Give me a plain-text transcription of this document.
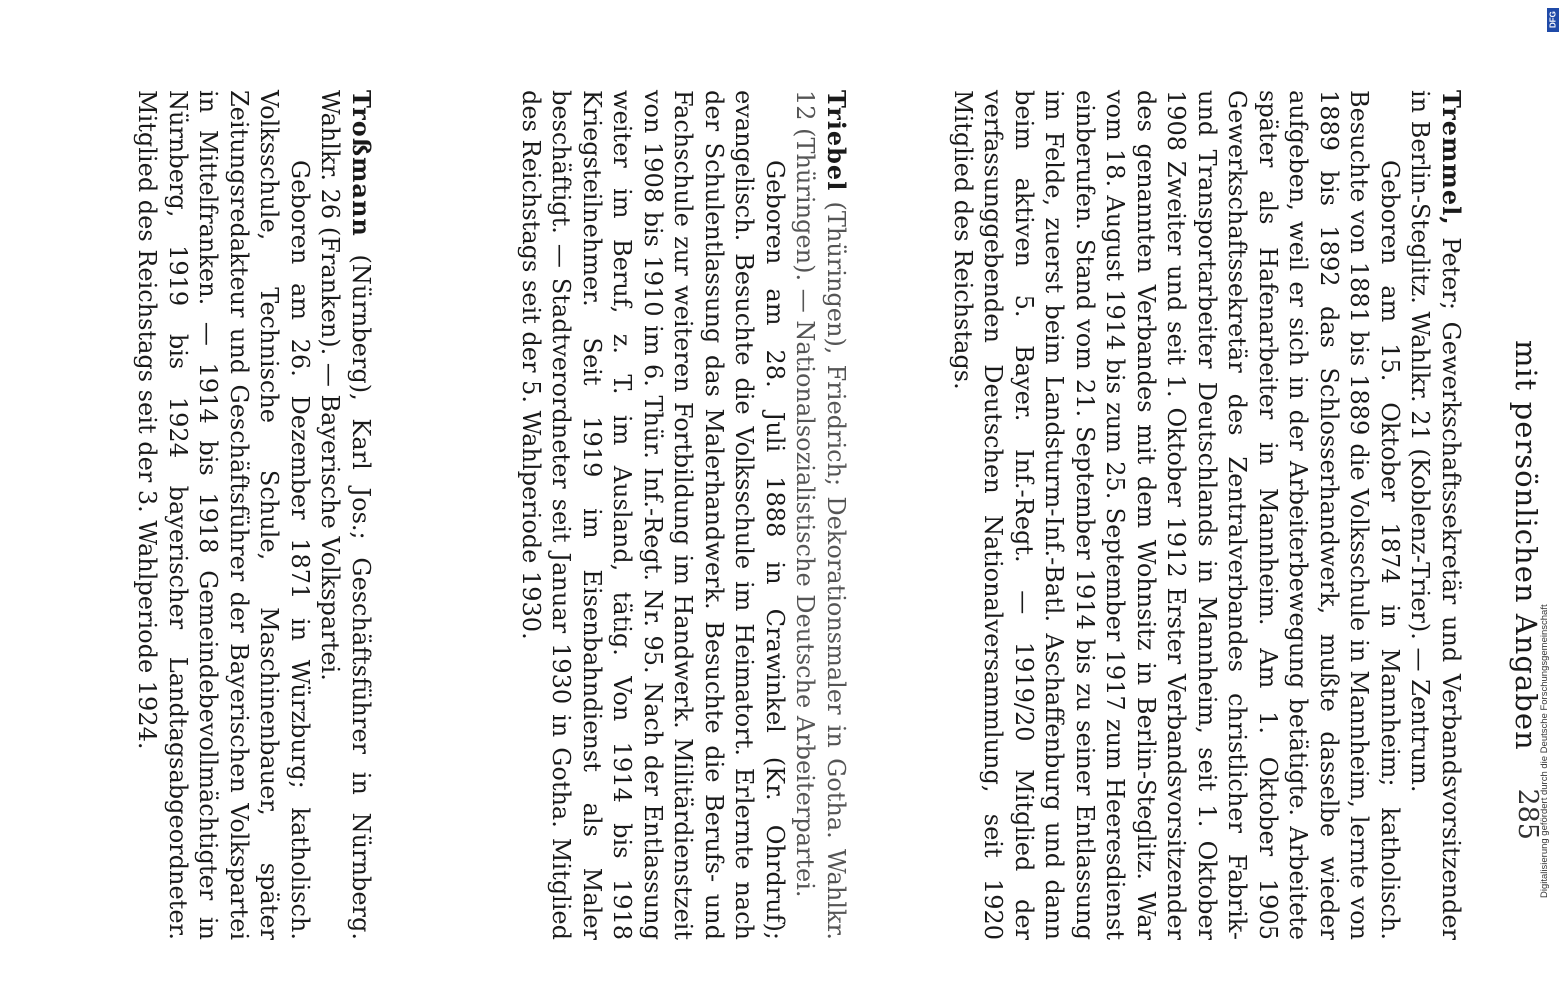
mit persönlichen Angaben
285

Tremmel, Peter; Gewerkschaftssekretär und Verbandsvorsitzender in Berlin-Steglitz. Wahlkr. 21 (Koblenz-Trier). — Zentrum.

Geboren am 15. Oktober 1874 in Mannheim; katholisch. Besuchte von 1881 bis 1889 die Volksschule in Mannheim, lernte von 1889 bis 1892 das Schlosserhandwerk, mußte dasselbe wieder aufgeben, weil er sich in der Arbeiterbewegung betätigte. Arbeitete später als Hafenarbeiter in Mannheim. Am 1. Oktober 1905 Gewerkschaftssekretär des Zentralverbandes christlicher Fabrik- und Transportarbeiter Deutschlands in Mannheim, seit 1. Oktober 1908 Zweiter und seit 1. Oktober 1912 Erster Verbandsvorsitzender des genannten Verbandes mit dem Wohnsitz in Berlin-Steglitz. War vom 18. August 1914 bis zum 25. September 1917 zum Heeresdienst einberufen. Stand vom 21. September 1914 bis zu seiner Entlassung im Felde, zuerst beim Landsturm-Inf.-Batl. Aschaffenburg und dann beim aktiven 5. Bayer. Inf.-Regt. — 1919/20 Mitglied der verfassunggebenden Deutschen Nationalversammlung, seit 1920 Mitglied des Reichstags.

Triebel (Thüringen), Friedrich; Dekorationsmaler in Gotha. Wahlkr. 12 (Thüringen). — Nationalsozialistische Deutsche Arbeiterpartei.

Geboren am 28. Juli 1888 in Crawinkel (Kr. Ohrdruf); evangelisch. Besuchte die Volksschule im Heimatort. Erlernte nach der Schulentlassung das Malerhandwerk. Besuchte die Berufs- und Fachschule zur weiteren Fortbildung im Handwerk. Militärdienstzeit von 1908 bis 1910 im 6. Thür. Inf.-Regt. Nr. 95. Nach der Entlassung weiter im Beruf, z. T. im Ausland, tätig. Von 1914 bis 1918 Kriegsteilnehmer. Seit 1919 im Eisenbahndienst als Maler beschäftigt. — Stadtverordneter seit Januar 1930 in Gotha. Mitglied des Reichstags seit der 5. Wahlperiode 1930.

Troßmann (Nürnberg), Karl Jos.; Geschäftsführer in Nürnberg. Wahlkr. 26 (Franken). — Bayerische Volkspartei.

Geboren am 26. Dezember 1871 in Würzburg; katholisch. Volksschule, Technische Schule, Maschinenbauer, später Zeitungsredakteur und Geschäftsführer der Bayerischen Volkspartei in Mittelfranken. — 1914 bis 1918 Gemeindebevollmächtigter in Nürnberg, 1919 bis 1924 bayerischer Landtagsabgeordneter. Mitglied des Reichstags seit der 3. Wahlperiode 1924.

Digitalisierung gefördert durch die Deutsche Forschungsgemeinschaft
DFG
